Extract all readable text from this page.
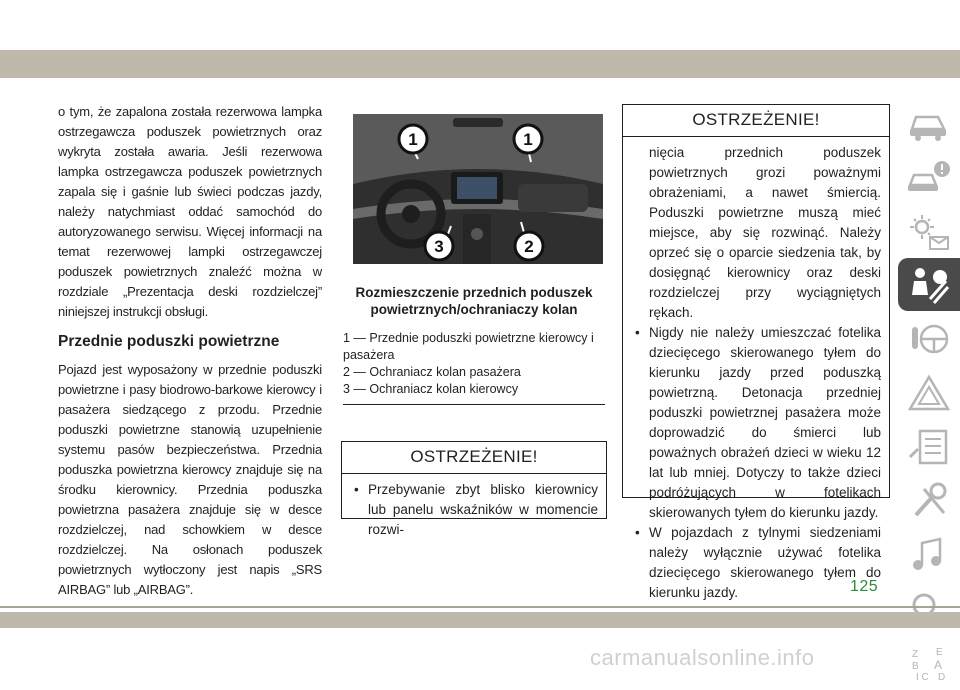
o tym, że zapalona została rezerwowa lampka ostrzegawcza poduszek powietrznych oraz wykryta została awaria. Jeśli rezerwowa lampka ostrzegawcza poduszek powietrznych zapala się i gaśnie lub świeci podczas jazdy, należy natychmiast oddać samochód do autoryzowanego serwisu. Więcej informacji na temat rezerwowej lampki ostrzegawczej poduszek powietrznych znaleźć można w rozdziale „Prezentacja deski rozdzielczej” niniejszej instrukcji obsługi.

Przednie poduszki powietrzne

Pojazd jest wyposażony w przednie poduszki powietrzne i pasy biodrowo-barkowe kierowcy i pasażera siedzącego z przodu. Przednie poduszki powietrzne stanowią uzupełnienie systemu pasów bezpieczeństwa. Przednia poduszka powietrzna kierowcy znajduje się na środku kierownicy. Przednia poduszka powietrzna pasażera znajduje się w desce rozdzielczej, nad schowkiem w desce rozdzielczej. Na osłonach poduszek powietrznych wytłoczony jest napis „SRS AIRBAG” lub „AIRBAG”.

1	1
3	2
Rozmieszczenie przednich poduszek powietrznych/ochraniaczy kolan
1 — Przednie poduszki powietrzne kierowcy i pasażera
2 — Ochraniacz kolan pasażera
3 — Ochraniacz kolan kierowcy
OSTRZEŻENIE!
• Przebywanie zbyt blisko kierownicy lub panelu wskaźników w momencie rozwi-
OSTRZEŻENIE!
nięcia przednich poduszek powietrznych grozi poważnymi obrażeniami, a nawet śmiercią. Poduszki powietrzne muszą mieć miejsce, aby się rozwinąć. Należy oprzeć się o oparcie siedzenia tak, by dosięgnąć kierownicy oraz deski rozdzielczej przy wyciągniętych rękach.
• Nigdy nie należy umieszczać fotelika dziecięcego skierowanego tyłem do kierunku jazdy przed poduszką powietrzną. Detonacja przedniej poduszki powietrznej pasażera może doprowadzić do śmierci lub poważnych obrażeń dzieci w wieku 12 lat lub mniej. Dotyczy to także dzieci podróżujących w fotelikach skierowanych tyłem do kierunku jazdy.
• W pojazdach z tylnymi siedzeniami należy wyłącznie używać fotelika dziecięcego skierowanego tyłem do kierunku jazdy.
Z E
B A
I C D
125
carmanualsonline.info
